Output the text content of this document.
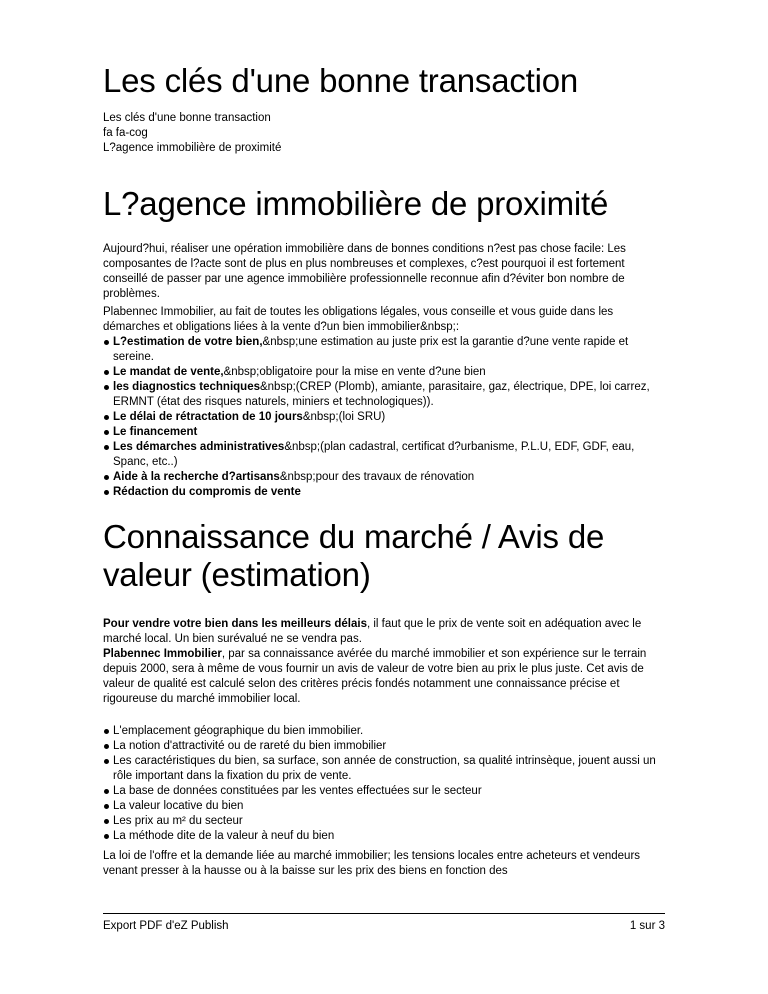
Les clés d'une bonne transaction
Les clés d'une bonne transaction
fa fa-cog
L?agence immobilière de proximité
L?agence immobilière de proximité
Aujourd?hui, réaliser une opération immobilière dans de bonnes conditions n?est pas chose facile: Les composantes de l?acte sont de plus en plus nombreuses et complexes, c?est pourquoi il est fortement conseillé de passer par une agence immobilière professionnelle reconnue afin d?éviter bon nombre de problèmes.
Plabennec Immobilier, au fait de toutes les obligations légales, vous conseille et vous guide dans les démarches et obligations liées à la vente d?un bien immobilier&nbsp;:
L?estimation de votre bien,&nbsp;une estimation au juste prix est la garantie d?une vente rapide et sereine.
Le mandat de vente,&nbsp;obligatoire pour la mise en vente d?une bien
les diagnostics techniques&nbsp;(CREP (Plomb), amiante, parasitaire, gaz, électrique, DPE, loi carrez, ERMNT (état des risques naturels, miniers et technologiques)).
Le délai de rétractation de 10 jours&nbsp;(loi SRU)
Le financement
Les démarches administratives&nbsp;(plan cadastral, certificat d?urbanisme, P.L.U, EDF, GDF, eau, Spanc, etc..)
Aide à la recherche d?artisans&nbsp;pour des travaux de rénovation
Rédaction du compromis de vente
Connaissance du marché / Avis de valeur (estimation)
Pour vendre votre bien dans les meilleurs délais, il faut que le prix de vente soit en adéquation avec le marché local. Un bien surévalué ne se vendra pas.
Plabennec Immobilier, par sa connaissance avérée du marché immobilier et son expérience sur le terrain depuis 2000, sera à même de vous fournir un avis de valeur de votre bien au prix le plus juste. Cet avis de valeur de qualité est calculé selon des critères précis fondés notamment une connaissance précise et rigoureuse du marché immobilier local.
L'emplacement géographique du bien immobilier.
La notion d'attractivité ou de rareté du bien immobilier
Les caractéristiques du bien, sa surface, son année de construction, sa qualité intrinsèque, jouent aussi un rôle important dans la fixation du prix de vente.
La base de données constituées par les ventes effectuées sur le secteur
La valeur locative du bien
Les prix au m² du secteur
La méthode dite de la valeur à neuf du bien
La loi de l'offre et la demande liée au marché immobilier; les tensions locales entre acheteurs et vendeurs venant presser à la hausse ou à la baisse sur les prix des biens en fonction des
Export PDF d'eZ Publish	1 sur 3
